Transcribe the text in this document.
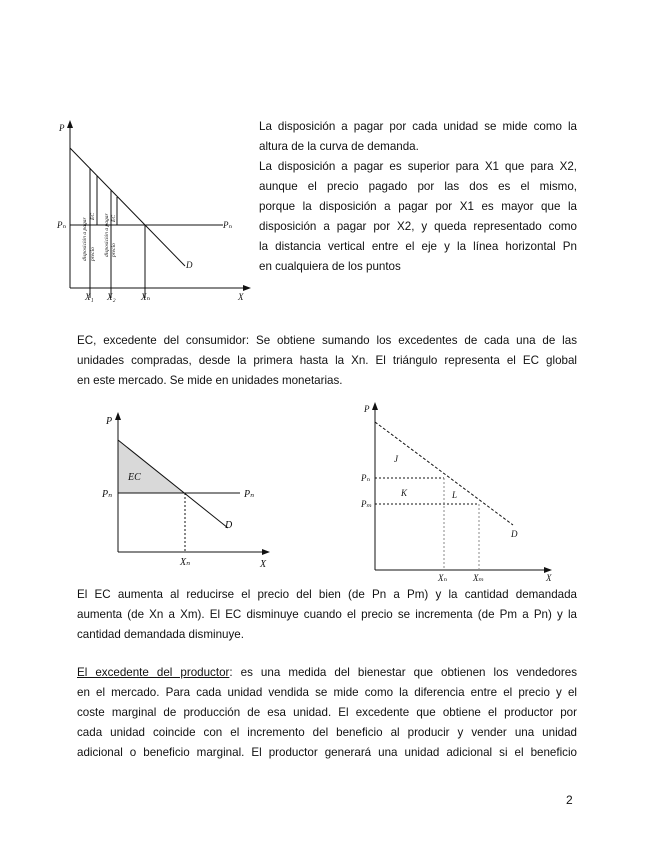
P
X
Pₙ	Pₙ
D
X₁ X₂	Xₙ
disposición a pagar precio
EC disposición a pagar precio
EC

La disposición a pagar por cada unidad se mide como la
altura de la curva de demanda.
La disposición a pagar es superior para X1 que para X2,
aunque el precio pagado por las dos es el mismo,
porque la disposición a pagar por X1 es mayor que la
disposición a pagar por X2, y queda representado como
la distancia vertical entre el eje y la línea horizontal Pn
en cualquiera de los puntos

EC, excedente del consumidor: Se obtiene sumando los excedentes de cada una de las
unidades compradas, desde la primera hasta la Xn. El triángulo representa el EC global
en este mercado. Se mide en unidades monetarias.

P
X
Pₙ	Pₙ
EC
D
Xₙ
P
X
Pₙ
Pₘ
J
K	L
D
Xₙ	Xₘ

El EC aumenta al reducirse el precio del bien (de Pn a Pm) y la cantidad demandada
aumenta (de Xn a Xm). El EC disminuye cuando el precio se incrementa (de Pm a Pn) y la
cantidad demandada disminuye.

El excedente del productor: es una medida del bienestar que obtienen los vendedores
en el mercado. Para cada unidad vendida se mide como la diferencia entre el precio y el
coste marginal de producción de esa unidad. El excedente que obtiene el productor por
cada unidad coincide con el incremento del beneficio al producir y vender una unidad
adicional o beneficio marginal. El productor generará una unidad adicional si el beneficio

2
